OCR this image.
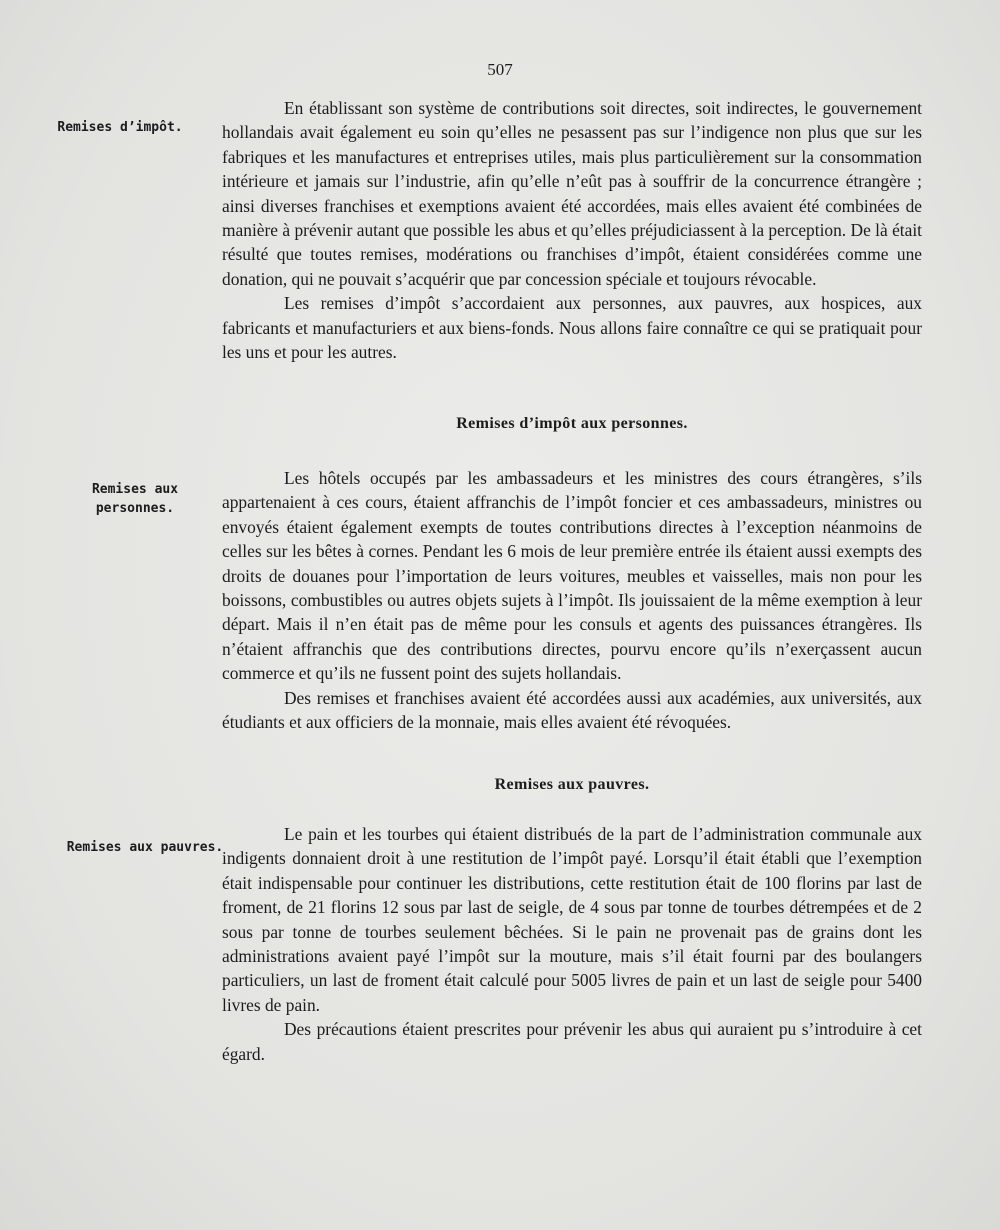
507
Remises d’impôt.
Remises aux personnes.
Remises aux pauvres.

En établissant son système de contributions soit directes, soit indirectes, le gouvernement hollandais avait également eu soin qu’elles ne pesassent pas sur l’indigence non plus que sur les fabriques et les manufactures et entreprises utiles, mais plus particulièrement sur la consommation intérieure et jamais sur l’industrie, afin qu’elle n’eût pas à souffrir de la concurrence étrangère ; ainsi diverses franchises et exemptions avaient été accordées, mais elles avaient été combinées de manière à prévenir autant que possible les abus et qu’elles préjudiciassent à la perception. De là était résulté que toutes remises, modérations ou franchises d’impôt, étaient considérées comme une donation, qui ne pouvait s’acquérir que par concession spéciale et toujours révocable.

Les remises d’impôt s’accordaient aux personnes, aux pauvres, aux hospices, aux fabricants et manufacturiers et aux biens-fonds. Nous allons faire connaître ce qui se pratiquait pour les uns et pour les autres.

Remises d’impôt aux personnes.

Les hôtels occupés par les ambassadeurs et les ministres des cours étrangères, s’ils appartenaient à ces cours, étaient affranchis de l’impôt foncier et ces ambassadeurs, ministres ou envoyés étaient également exempts de toutes contributions directes à l’exception néanmoins de celles sur les bêtes à cornes. Pendant les 6 mois de leur première entrée ils étaient aussi exempts des droits de douanes pour l’importation de leurs voitures, meubles et vaisselles, mais non pour les boissons, combustibles ou autres objets sujets à l’impôt. Ils jouissaient de la même exemption à leur départ. Mais il n’en était pas de même pour les consuls et agents des puissances étrangères. Ils n’étaient affranchis que des contributions directes, pourvu encore qu’ils n’exerçassent aucun commerce et qu’ils ne fussent point des sujets hollandais.

Des remises et franchises avaient été accordées aussi aux académies, aux universités, aux étudiants et aux officiers de la monnaie, mais elles avaient été révoquées.

Remises aux pauvres.

Le pain et les tourbes qui étaient distribués de la part de l’administration communale aux indigents donnaient droit à une restitution de l’impôt payé. Lorsqu’il était établi que l’exemption était indispensable pour continuer les distributions, cette restitution était de 100 florins par last de froment, de 21 florins 12 sous par last de seigle, de 4 sous par tonne de tourbes détrempées et de 2 sous par tonne de tourbes seulement bêchées. Si le pain ne provenait pas de grains dont les administrations avaient payé l’impôt sur la mouture, mais s’il était fourni par des boulangers particuliers, un last de froment était calculé pour 5005 livres de pain et un last de seigle pour 5400 livres de pain.

Des précautions étaient prescrites pour prévenir les abus qui auraient pu s’introduire à cet égard.
